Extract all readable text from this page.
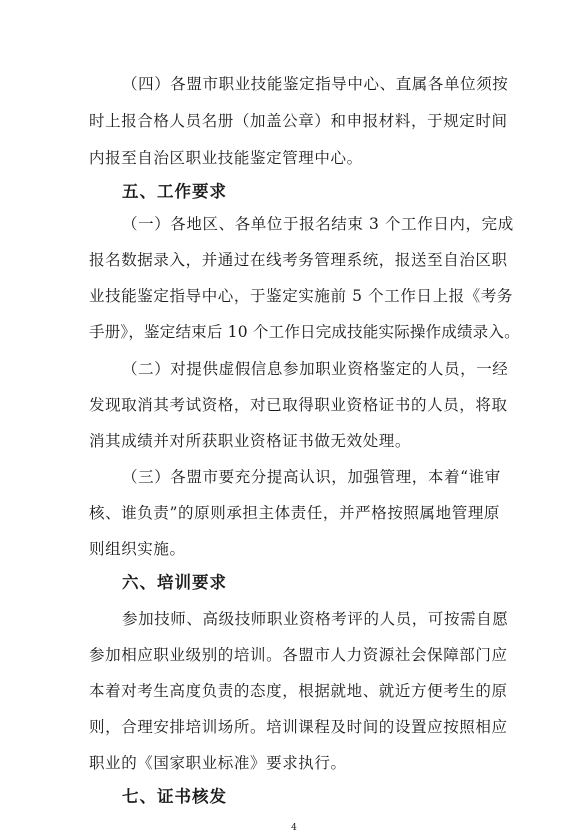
（四）各盟市职业技能鉴定指导中心、直属各单位须按
时上报合格人员名册（加盖公章）和申报材料，于规定时间
内报至自治区职业技能鉴定管理中心。
五、工作要求
（一）各地区、各单位于报名结束 3 个工作日内，完成
报名数据录入，并通过在线考务管理系统，报送至自治区职
业技能鉴定指导中心，于鉴定实施前 5 个工作日上报《考务
手册》，鉴定结束后 10 个工作日完成技能实际操作成绩录入。
（二）对提供虚假信息参加职业资格鉴定的人员，一经
发现取消其考试资格，对已取得职业资格证书的人员，将取
消其成绩并对所获职业资格证书做无效处理。
（三）各盟市要充分提高认识，加强管理，本着“谁审
核、谁负责”的原则承担主体责任，并严格按照属地管理原
则组织实施。
六、培训要求
参加技师、高级技师职业资格考评的人员，可按需自愿
参加相应职业级别的培训。各盟市人力资源社会保障部门应
本着对考生高度负责的态度，根据就地、就近方便考生的原
则，合理安排培训场所。培训课程及时间的设置应按照相应
职业的《国家职业标准》要求执行。
七、证书核发
4
